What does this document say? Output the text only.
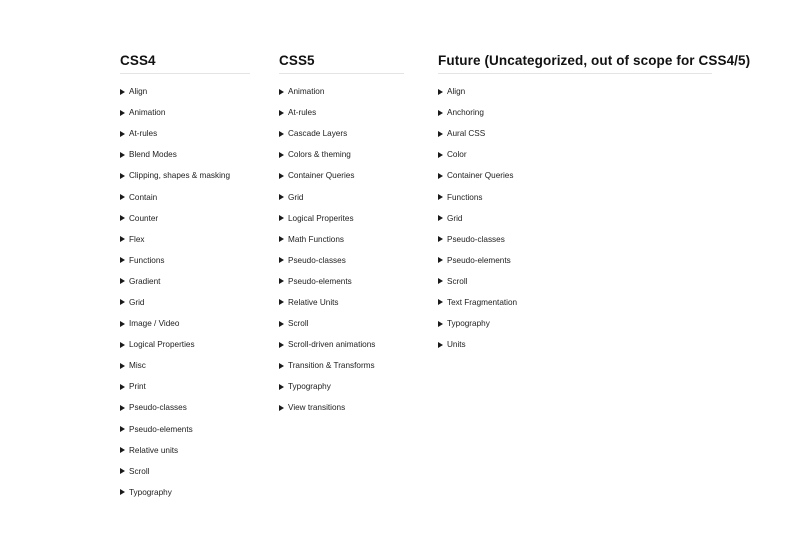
CSS4
Align
Animation
At-rules
Blend Modes
Clipping, shapes & masking
Contain
Counter
Flex
Functions
Gradient
Grid
Image / Video
Logical Properties
Misc
Print
Pseudo-classes
Pseudo-elements
Relative units
Scroll
Typography
CSS5
Animation
At-rules
Cascade Layers
Colors & theming
Container Queries
Grid
Logical Properites
Math Functions
Pseudo-classes
Pseudo-elements
Relative Units
Scroll
Scroll-driven animations
Transition & Transforms
Typography
View transitions
Future (Uncategorized, out of scope for CSS4/5)
Align
Anchoring
Aural CSS
Color
Container Queries
Functions
Grid
Pseudo-classes
Pseudo-elements
Scroll
Text Fragmentation
Typography
Units
